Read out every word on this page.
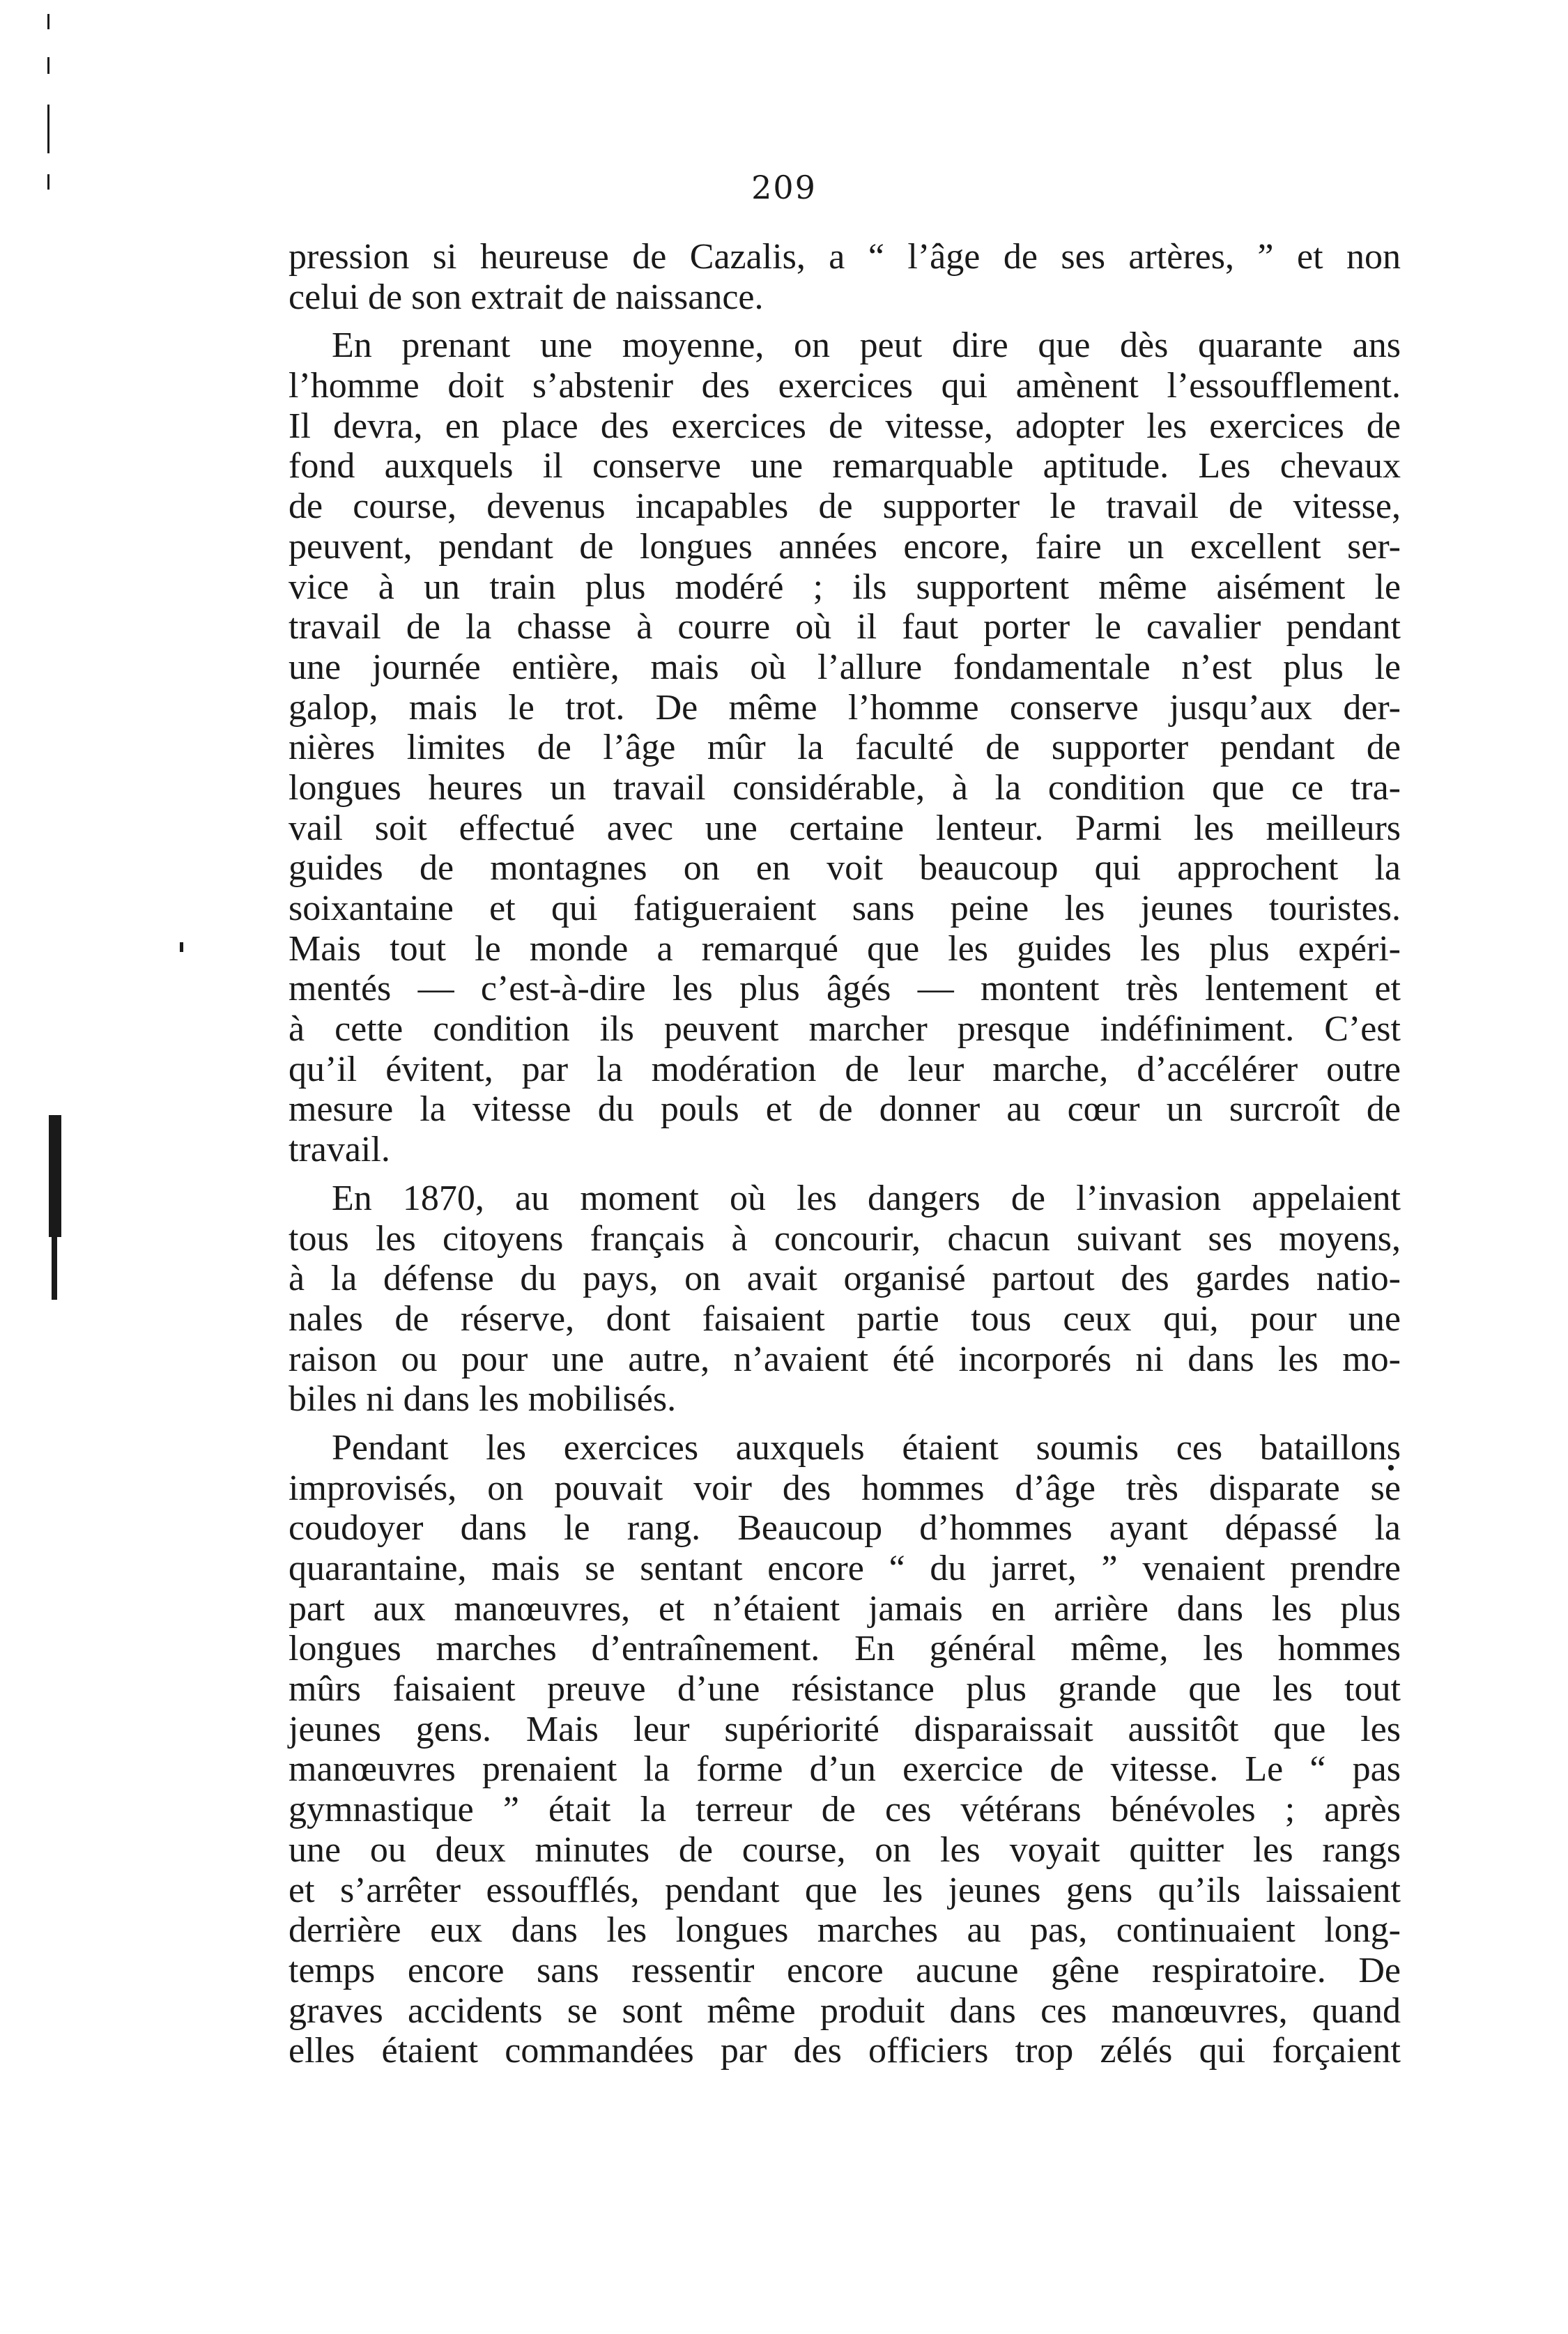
209
pression si heureuse de Cazalis, a “ l’âge de ses artères, ” et non
celui de son extrait de naissance.
En prenant une moyenne, on peut dire que dès quarante ans
l’homme doit s’abstenir des exercices qui amènent l’essoufflement.
Il devra, en place des exercices de vitesse, adopter les exercices de
fond auxquels il conserve une remarquable aptitude. Les chevaux
de course, devenus incapables de supporter le travail de vitesse,
peuvent, pendant de longues années encore, faire un excellent ser-
vice à un train plus modéré ; ils supportent même aisément le
travail de la chasse à courre où il faut porter le cavalier pendant
une journée entière, mais où l’allure fondamentale n’est plus le
galop, mais le trot. De même l’homme conserve jusqu’aux der-
nières limites de l’âge mûr la faculté de supporter pendant de
longues heures un travail considérable, à la condition que ce tra-
vail soit effectué avec une certaine lenteur. Parmi les meilleurs
guides de montagnes on en voit beaucoup qui approchent la
soixantaine et qui fatigueraient sans peine les jeunes touristes.
Mais tout le monde a remarqué que les guides les plus expéri-
mentés — c’est-à-dire les plus âgés — montent très lentement et
à cette condition ils peuvent marcher presque indéfiniment. C’est
qu’il évitent, par la modération de leur marche, d’accélérer outre
mesure la vitesse du pouls et de donner au cœur un surcroît de
travail.
En 1870, au moment où les dangers de l’invasion appelaient
tous les citoyens français à concourir, chacun suivant ses moyens,
à la défense du pays, on avait organisé partout des gardes natio-
nales de réserve, dont faisaient partie tous ceux qui, pour une
raison ou pour une autre, n’avaient été incorporés ni dans les mo-
biles ni dans les mobilisés.
Pendant les exercices auxquels étaient soumis ces bataillons
improvisés, on pouvait voir des hommes d’âge très disparate se
coudoyer dans le rang. Beaucoup d’hommes ayant dépassé la
quarantaine, mais se sentant encore “ du jarret, ” venaient prendre
part aux manœuvres, et n’étaient jamais en arrière dans les plus
longues marches d’entraînement. En général même, les hommes
mûrs faisaient preuve d’une résistance plus grande que les tout
jeunes gens. Mais leur supériorité disparaissait aussitôt que les
manœuvres prenaient la forme d’un exercice de vitesse. Le “ pas
gymnastique ” était la terreur de ces vétérans bénévoles ; après
une ou deux minutes de course, on les voyait quitter les rangs
et s’arrêter essoufflés, pendant que les jeunes gens qu’ils laissaient
derrière eux dans les longues marches au pas, continuaient long-
temps encore sans ressentir encore aucune gêne respiratoire. De
graves accidents se sont même produit dans ces manœuvres, quand
elles étaient commandées par des officiers trop zélés qui forçaient
